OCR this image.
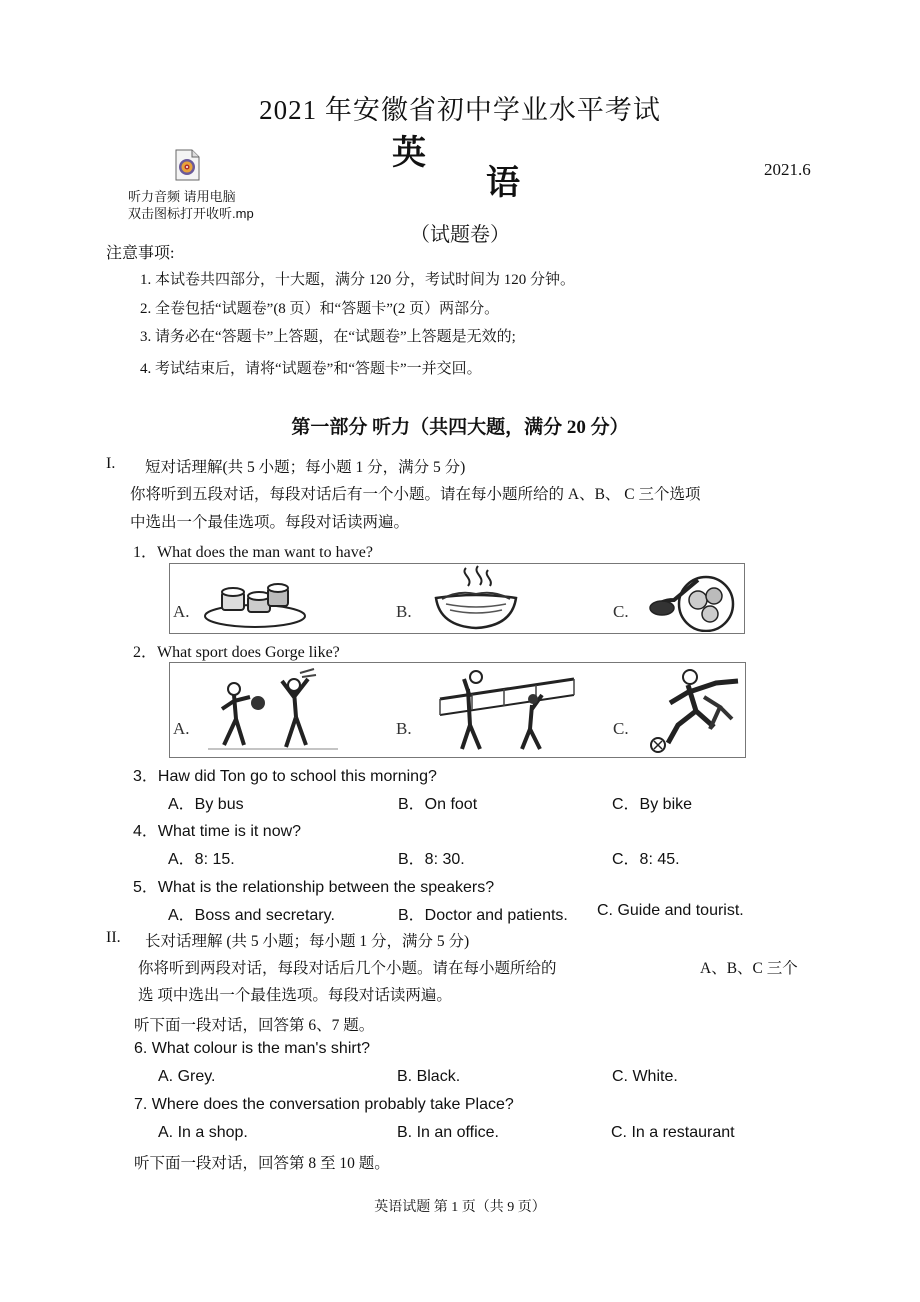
2021 年安徽省初中学业水平考试
英
语	2021.6
听力音频 请用电脑
双击图标打开收听.mp
（试题卷）
注意事项:
1. 本试卷共四部分，十大题，满分 120 分，考试时间为 120 分钟。
2. 全卷包括“试题卷”(8 页）和“答题卡”(2 页）两部分。
3. 请务必在“答题卡”上答题，在“试题卷”上答题是无效的;
4. 考试结束后，请将“试题卷”和“答题卡”一并交回。
第一部分 听力（共四大题，满分 20 分）
I. 短对话理解(共 5 小题；每小题 1 分，满分 5 分)
你将听到五段对话，每段对话后有一个小题。请在每小题所给的 A、B、 C 三个选项
中选出一个最佳选项。每段对话读两遍。
1．What does the man want to have?
A.	B.	C.
2．What sport does Gorge like?
A.	B.	C.
3．Haw did Ton go to school this morning?
A．By bus	B．On foot	C．By bike
4．What time is it now?
A．8: 15.	B．8: 30.	C．8: 45.
5．What is the relationship between the speakers?
A．Boss and secretary.	B．Doctor and patients. C. Guide and tourist.
II. 长对话理解 (共 5 小题；每小题 1 分，满分 5 分)
你将听到两段对话，每段对话后几个小题。请在每小题所给的	A、B、C 三个
选 项中选出一个最佳选项。每段对话读两遍。
听下面一段对话，回答第 6、7 题。
6. What colour is the man's shirt?
A. Grey.	B. Black.	C. White.
7. Where does the conversation probably take Place?
A. In a shop.	B. In an office.	C. In a restaurant
听下面一段对话，回答第 8 至 10 题。
英语试题 第 1 页（共 9 页）
